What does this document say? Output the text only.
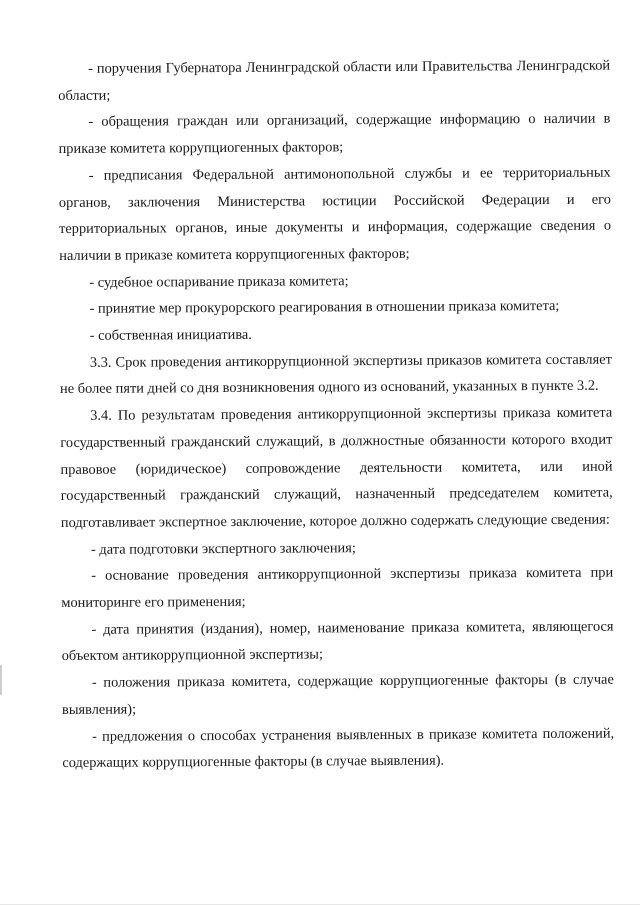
- поручения Губернатора Ленинградской области или Правительства Ленинградской области;

- обращения граждан или организаций, содержащие информацию о наличии в приказе комитета коррупциогенных факторов;

- предписания Федеральной антимонопольной службы и ее территориальных органов, заключения Министерства юстиции Российской Федерации и его территориальных органов, иные документы и информация, содержащие сведения о наличии в приказе комитета коррупциогенных факторов;

- судебное оспаривание приказа комитета;

- принятие мер прокурорского реагирования в отношении приказа комитета;

- собственная инициатива.

3.3. Срок проведения антикоррупционной экспертизы приказов комитета составляет не более пяти дней со дня возникновения одного из оснований, указанных в пункте 3.2.

3.4. По результатам проведения антикоррупционной экспертизы приказа комитета государственный гражданский служащий, в должностные обязанности которого входит правовое (юридическое) сопровождение деятельности комитета, или иной государственный гражданский служащий, назначенный председателем комитета, подготавливает экспертное заключение, которое должно содержать следующие сведения:

- дата подготовки экспертного заключения;

- основание проведения антикоррупционной экспертизы приказа комитета при мониторинге его применения;

- дата принятия (издания), номер, наименование приказа комитета, являющегося объектом антикоррупционной экспертизы;

- положения приказа комитета, содержащие коррупциогенные факторы (в случае выявления);

- предложения о способах устранения выявленных в приказе комитета положений, содержащих коррупциогенные факторы (в случае выявления).
